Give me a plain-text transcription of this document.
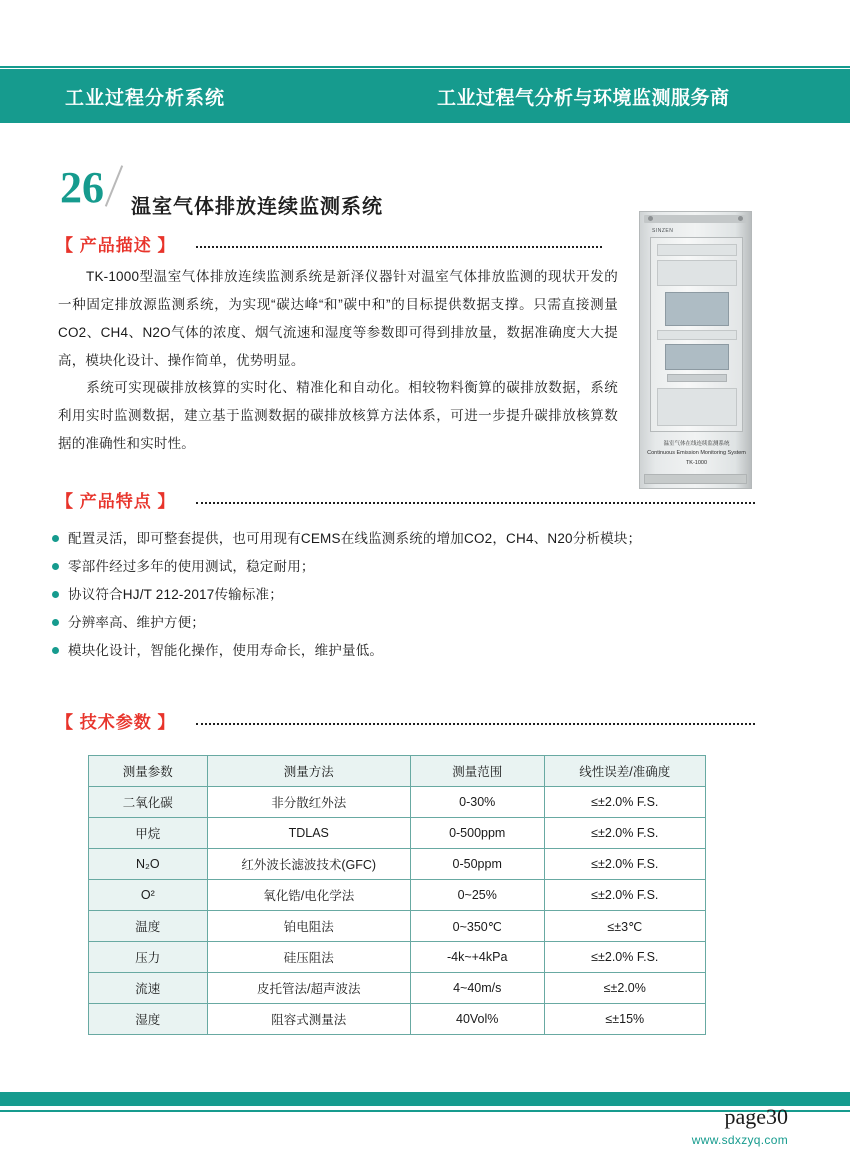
工业过程分析系统	工业过程气分析与环境监测服务商
26 温室气体排放连续监测系统
【 产品描述 】
TK-1000型温室气体排放连续监测系统是新泽仪器针对温室气体排放监测的现状开发的一种固定排放源监测系统，为实现“碳达峰“和”碳中和”的目标提供数据支撑。只需直接测量CO2、CH4、N2O气体的浓度、烟气流速和湿度等参数即可得到排放量，数据准确度大大提高，模块化设计、操作简单，优势明显。
系统可实现碳排放核算的实时化、精准化和自动化。相较物料衡算的碳排放数据，系统利用实时监测数据，建立基于监测数据的碳排放核算方法体系，可进一步提升碳排放核算数据的准确性和实时性。
SINZEN
温室气体在线连续监测系统
Continuous Emission Monitoring System
TK-1000
【 产品特点 】
配置灵活，即可整套提供，也可用现有CEMS在线监测系统的增加CO2，CH4、N20分析模块；
零部件经过多年的使用测试，稳定耐用；
协议符合HJ/T 212-2017传输标准；
分辨率高、维护方便；
模块化设计，智能化操作，使用寿命长，维护量低。
【 技术参数 】
测量参数	测量方法	测量范围	线性误差/准确度
二氧化碳	非分散红外法	0-30%	≤±2.0% F.S.
甲烷	TDLAS	0-500ppm	≤±2.0% F.S.
N₂O	红外波长滤波技术(GFC)	0-50ppm	≤±2.0% F.S.
O²	氧化锆/电化学法	0~25%	≤±2.0% F.S.
温度	铂电阻法	0~350℃	≤±3℃
压力	硅压阻法	-4k~+4kPa	≤±2.0% F.S.
流速	皮托管法/超声波法	4~40m/s	≤±2.0%
湿度	阻容式测量法	40Vol%	≤±15%
page30
www.sdxzyq.com
